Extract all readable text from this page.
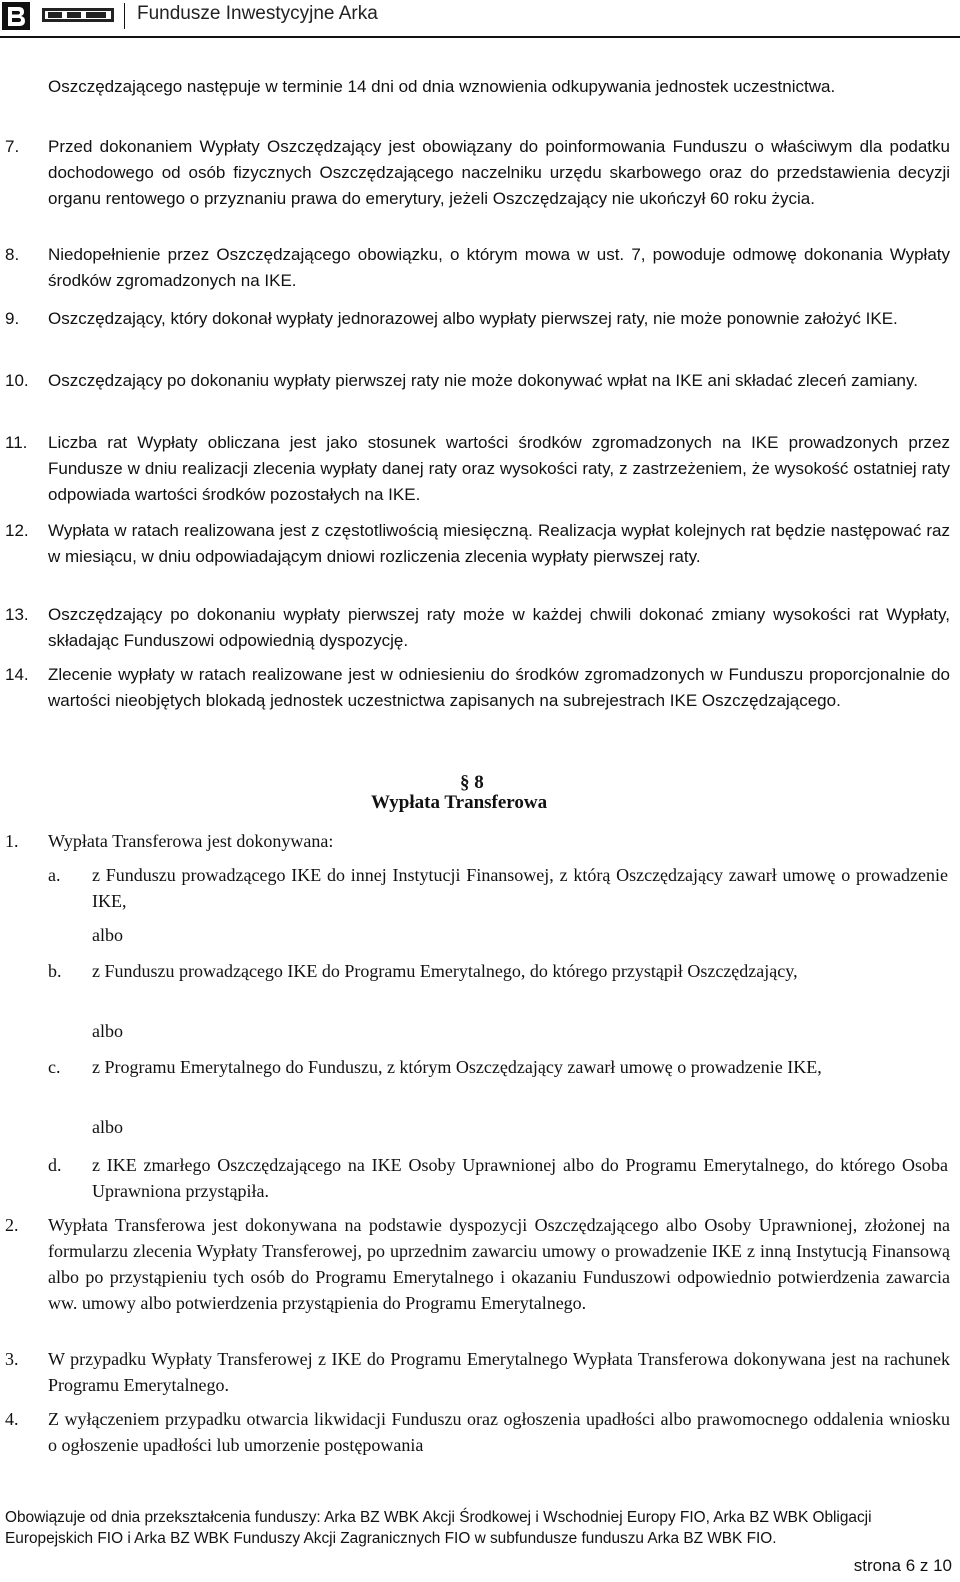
Fundusze Inwestycyjne Arka
Oszczędzającego następuje w terminie 14 dni od dnia wznowienia odkupywania jednostek uczestnictwa.
7. Przed dokonaniem Wypłaty Oszczędzający jest obowiązany do poinformowania Funduszu o właściwym dla podatku dochodowego od osób fizycznych Oszczędzającego naczelniku urzędu skarbowego oraz do przedstawienia decyzji organu rentowego o przyznaniu prawa do emerytury, jeżeli Oszczędzający nie ukończył 60 roku życia.
8. Niedopełnienie przez Oszczędzającego obowiązku, o którym mowa w ust. 7, powoduje odmowę dokonania Wypłaty środków zgromadzonych na IKE.
9. Oszczędzający, który dokonał wypłaty jednorazowej albo wypłaty pierwszej raty, nie może ponownie założyć IKE.
10. Oszczędzający po dokonaniu wypłaty pierwszej raty nie może dokonywać wpłat na IKE ani składać zleceń zamiany.
11. Liczba rat Wypłaty obliczana jest jako stosunek wartości środków zgromadzonych na IKE prowadzonych przez Fundusze w dniu realizacji zlecenia wypłaty danej raty oraz wysokości raty, z zastrzeżeniem, że wysokość ostatniej raty odpowiada wartości środków pozostałych na IKE.
12. Wypłata w ratach realizowana jest z częstotliwością miesięczną. Realizacja wypłat kolejnych rat będzie następować raz w miesiącu, w dniu odpowiadającym dniowi rozliczenia zlecenia wypłaty pierwszej raty.
13. Oszczędzający po dokonaniu wypłaty pierwszej raty może w każdej chwili dokonać zmiany wysokości rat Wypłaty, składając Funduszowi odpowiednią dyspozycję.
14. Zlecenie wypłaty w ratach realizowane jest w odniesieniu do środków zgromadzonych w Funduszu proporcjonalnie do wartości nieobjętych blokadą jednostek uczestnictwa zapisanych na subrejestrach IKE Oszczędzającego.
§ 8
Wypłata Transferowa
1. Wypłata Transferowa jest dokonywana:
a. z Funduszu prowadzącego IKE do innej Instytucji Finansowej, z którą Oszczędzający zawarł umowę o prowadzenie IKE,
albo
b. z Funduszu prowadzącego IKE do Programu Emerytalnego, do którego przystąpił Oszczędzający,
albo
c. z Programu Emerytalnego do Funduszu, z którym Oszczędzający zawarł umowę o prowadzenie IKE,
albo
d. z IKE zmarłego Oszczędzającego na IKE Osoby Uprawnionej albo do Programu Emerytalnego, do którego Osoba Uprawniona przystąpiła.
2. Wypłata Transferowa jest dokonywana na podstawie dyspozycji Oszczędzającego albo Osoby Uprawnionej, złożonej na formularzu zlecenia Wypłaty Transferowej, po uprzednim zawarciu umowy o prowadzenie IKE z inną Instytucją Finansową albo po przystąpieniu tych osób do Programu Emerytalnego i okazaniu Funduszowi odpowiednio potwierdzenia zawarcia ww. umowy albo potwierdzenia przystąpienia do Programu Emerytalnego.
3. W przypadku Wypłaty Transferowej z IKE do Programu Emerytalnego Wypłata Transferowa dokonywana jest na rachunek Programu Emerytalnego.
4. Z wyłączeniem przypadku otwarcia likwidacji Funduszu oraz ogłoszenia upadłości albo prawomocnego oddalenia wniosku o ogłoszenie upadłości lub umorzenie postępowania
Obowiązuje od dnia przekształcenia funduszy: Arka BZ WBK Akcji Środkowej i Wschodniej Europy FIO, Arka BZ WBK Obligacji Europejskich FIO i Arka BZ WBK Funduszy Akcji Zagranicznych FIO w subfundusze funduszu Arka BZ WBK FIO.
strona 6 z 10
